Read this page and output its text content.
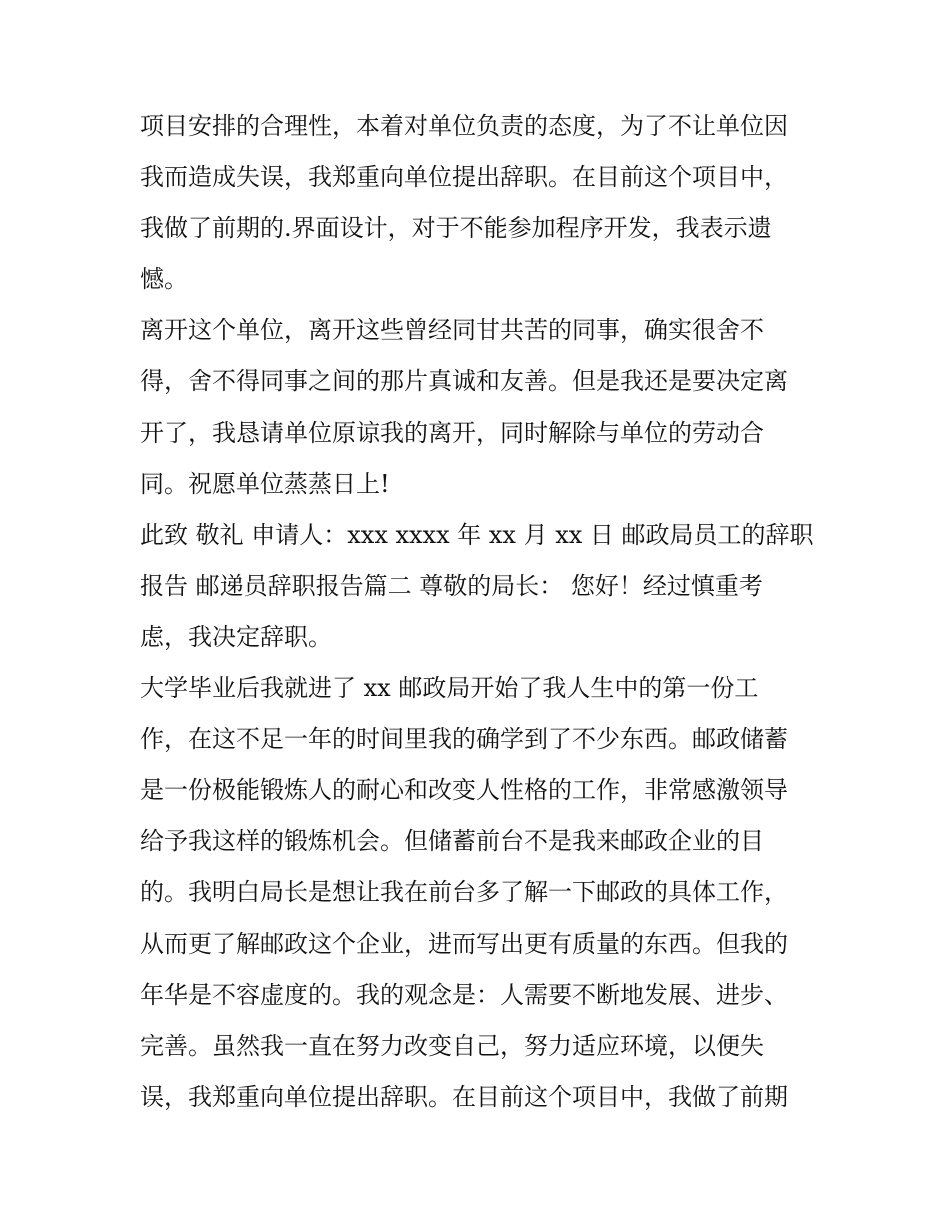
项目安排的合理性，本着对单位负责的态度，为了不让单位因
我而造成失误，我郑重向单位提出辞职。在目前这个项目中，
我做了前期的.界面设计，对于不能参加程序开发，我表示遗
憾。
离开这个单位，离开这些曾经同甘共苦的同事，确实很舍不
得，舍不得同事之间的那片真诚和友善。但是我还是要决定离
开了，我恳请单位原谅我的离开，同时解除与单位的劳动合
同。祝愿单位蒸蒸日上!
此致 敬礼 申请人：xxx xxxx 年 xx 月 xx 日 邮政局员工的辞职
报告 邮递员辞职报告篇二 尊敬的局长： 您好！经过慎重考
虑，我决定辞职。
大学毕业后我就进了 xx 邮政局开始了我人生中的第一份工
作，在这不足一年的时间里我的确学到了不少东西。邮政储蓄
是一份极能锻炼人的耐心和改变人性格的工作，非常感激领导
给予我这样的锻炼机会。但储蓄前台不是我来邮政企业的目
的。我明白局长是想让我在前台多了解一下邮政的具体工作，
从而更了解邮政这个企业，进而写出更有质量的东西。但我的
年华是不容虚度的。我的观念是：人需要不断地发展、进步、
完善。虽然我一直在努力改变自己，努力适应环境，以便失
误，我郑重向单位提出辞职。在目前这个项目中，我做了前期
